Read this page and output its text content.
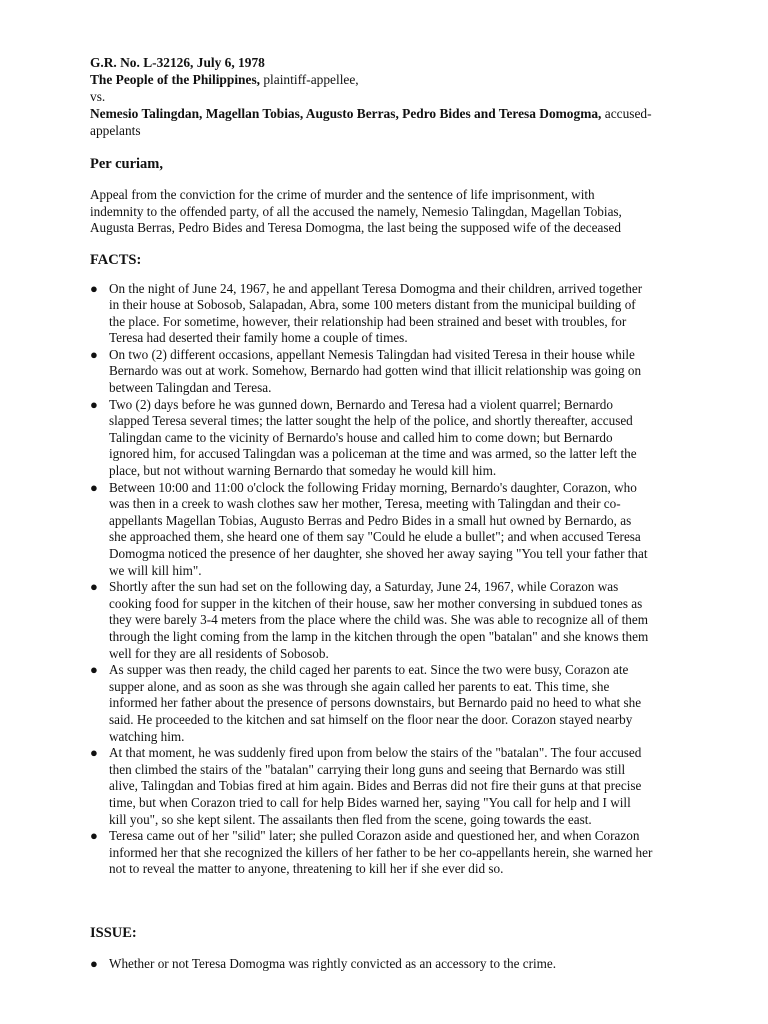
G.R. No. L-32126, July 6, 1978
The People of the Philippines, plaintiff-appellee,
vs.
Nemesio Talingdan, Magellan Tobias, Augusto Berras, Pedro Bides and Teresa Domogma, accused-appelants
Per curiam,
Appeal from the conviction for the crime of murder and the sentence of life imprisonment, with
indemnity to the offended party, of all the accused the namely, Nemesio Talingdan, Magellan Tobias,
Augusta Berras, Pedro Bides and Teresa Domogma, the last being the supposed wife of the deceased
FACTS:
● On the night of June 24, 1967, he and appellant Teresa Domogma and their children, arrived together
in their house at Sobosob, Salapadan, Abra, some 100 meters distant from the municipal building of
the place. For sometime, however, their relationship had been strained and beset with troubles, for
Teresa had deserted their family home a couple of times.
● On two (2) different occasions, appellant Nemesis Talingdan had visited Teresa in their house while
Bernardo was out at work. Somehow, Bernardo had gotten wind that illicit relationship was going on
between Talingdan and Teresa.
● Two (2) days before he was gunned down, Bernardo and Teresa had a violent quarrel; Bernardo
slapped Teresa several times; the latter sought the help of the police, and shortly thereafter, accused
Talingdan came to the vicinity of Bernardo's house and called him to come down; but Bernardo
ignored him, for accused Talingdan was a policeman at the time and was armed, so the latter left the
place, but not without warning Bernardo that someday he would kill him.
● Between 10:00 and 11:00 o'clock the following Friday morning, Bernardo's daughter, Corazon, who
was then in a creek to wash clothes saw her mother, Teresa, meeting with Talingdan and their co-
appellants Magellan Tobias, Augusto Berras and Pedro Bides in a small hut owned by Bernardo, as
she approached them, she heard one of them say "Could he elude a bullet"; and when accused Teresa
Domogma noticed the presence of her daughter, she shoved her away saying "You tell your father that
we will kill him".
● Shortly after the sun had set on the following day, a Saturday, June 24, 1967, while Corazon was
cooking food for supper in the kitchen of their house, saw her mother conversing in subdued tones as
they were barely 3-4 meters from the place where the child was. She was able to recognize all of them
through the light coming from the lamp in the kitchen through the open "batalan" and she knows them
well for they are all residents of Sobosob.
● As supper was then ready, the child caged her parents to eat. Since the two were busy, Corazon ate
supper alone, and as soon as she was through she again called her parents to eat. This time, she
informed her father about the presence of persons downstairs, but Bernardo paid no heed to what she
said. He proceeded to the kitchen and sat himself on the floor near the door. Corazon stayed nearby
watching him.
● At that moment, he was suddenly fired upon from below the stairs of the "batalan". The four accused
then climbed the stairs of the "batalan" carrying their long guns and seeing that Bernardo was still
alive, Talingdan and Tobias fired at him again. Bides and Berras did not fire their guns at that precise
time, but when Corazon tried to call for help Bides warned her, saying "You call for help and I will
kill you", so she kept silent. The assailants then fled from the scene, going towards the east.
● Teresa came out of her "silid" later; she pulled Corazon aside and questioned her, and when Corazon
informed her that she recognized the killers of her father to be her co-appellants herein, she warned her
not to reveal the matter to anyone, threatening to kill her if she ever did so.
ISSUE:
● Whether or not Teresa Domogma was rightly convicted as an accessory to the crime.
